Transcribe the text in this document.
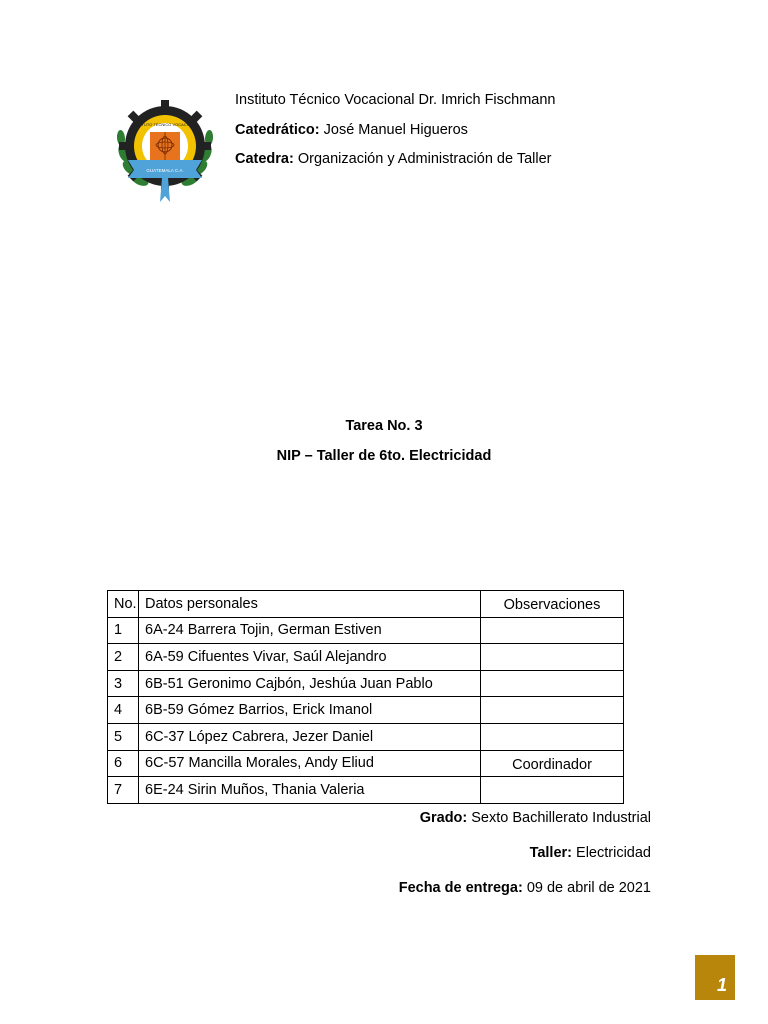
GUATEMALA C.A.
INSTITUTO TÉCNICO VOCACIONAL
Instituto Técnico Vocacional Dr. Imrich Fischmann
Catedrático: José Manuel Higueros
Catedra: Organización y Administración de Taller
Tarea No. 3
NIP – Taller de 6to. Electricidad
No.	Datos personales	Observaciones
1	6A-24 Barrera Tojin, German Estiven	
2	6A-59 Cifuentes Vivar, Saúl Alejandro	
3	6B-51 Geronimo Cajbón, Jeshúa Juan Pablo	
4	6B-59 Gómez Barrios, Erick Imanol	
5	6C-37 López Cabrera, Jezer Daniel	
6	6C-57 Mancilla Morales, Andy Eliud	Coordinador
7	6E-24 Sirin Muños, Thania Valeria	
Grado: Sexto Bachillerato Industrial
Taller: Electricidad
Fecha de entrega: 09 de abril de 2021
1
